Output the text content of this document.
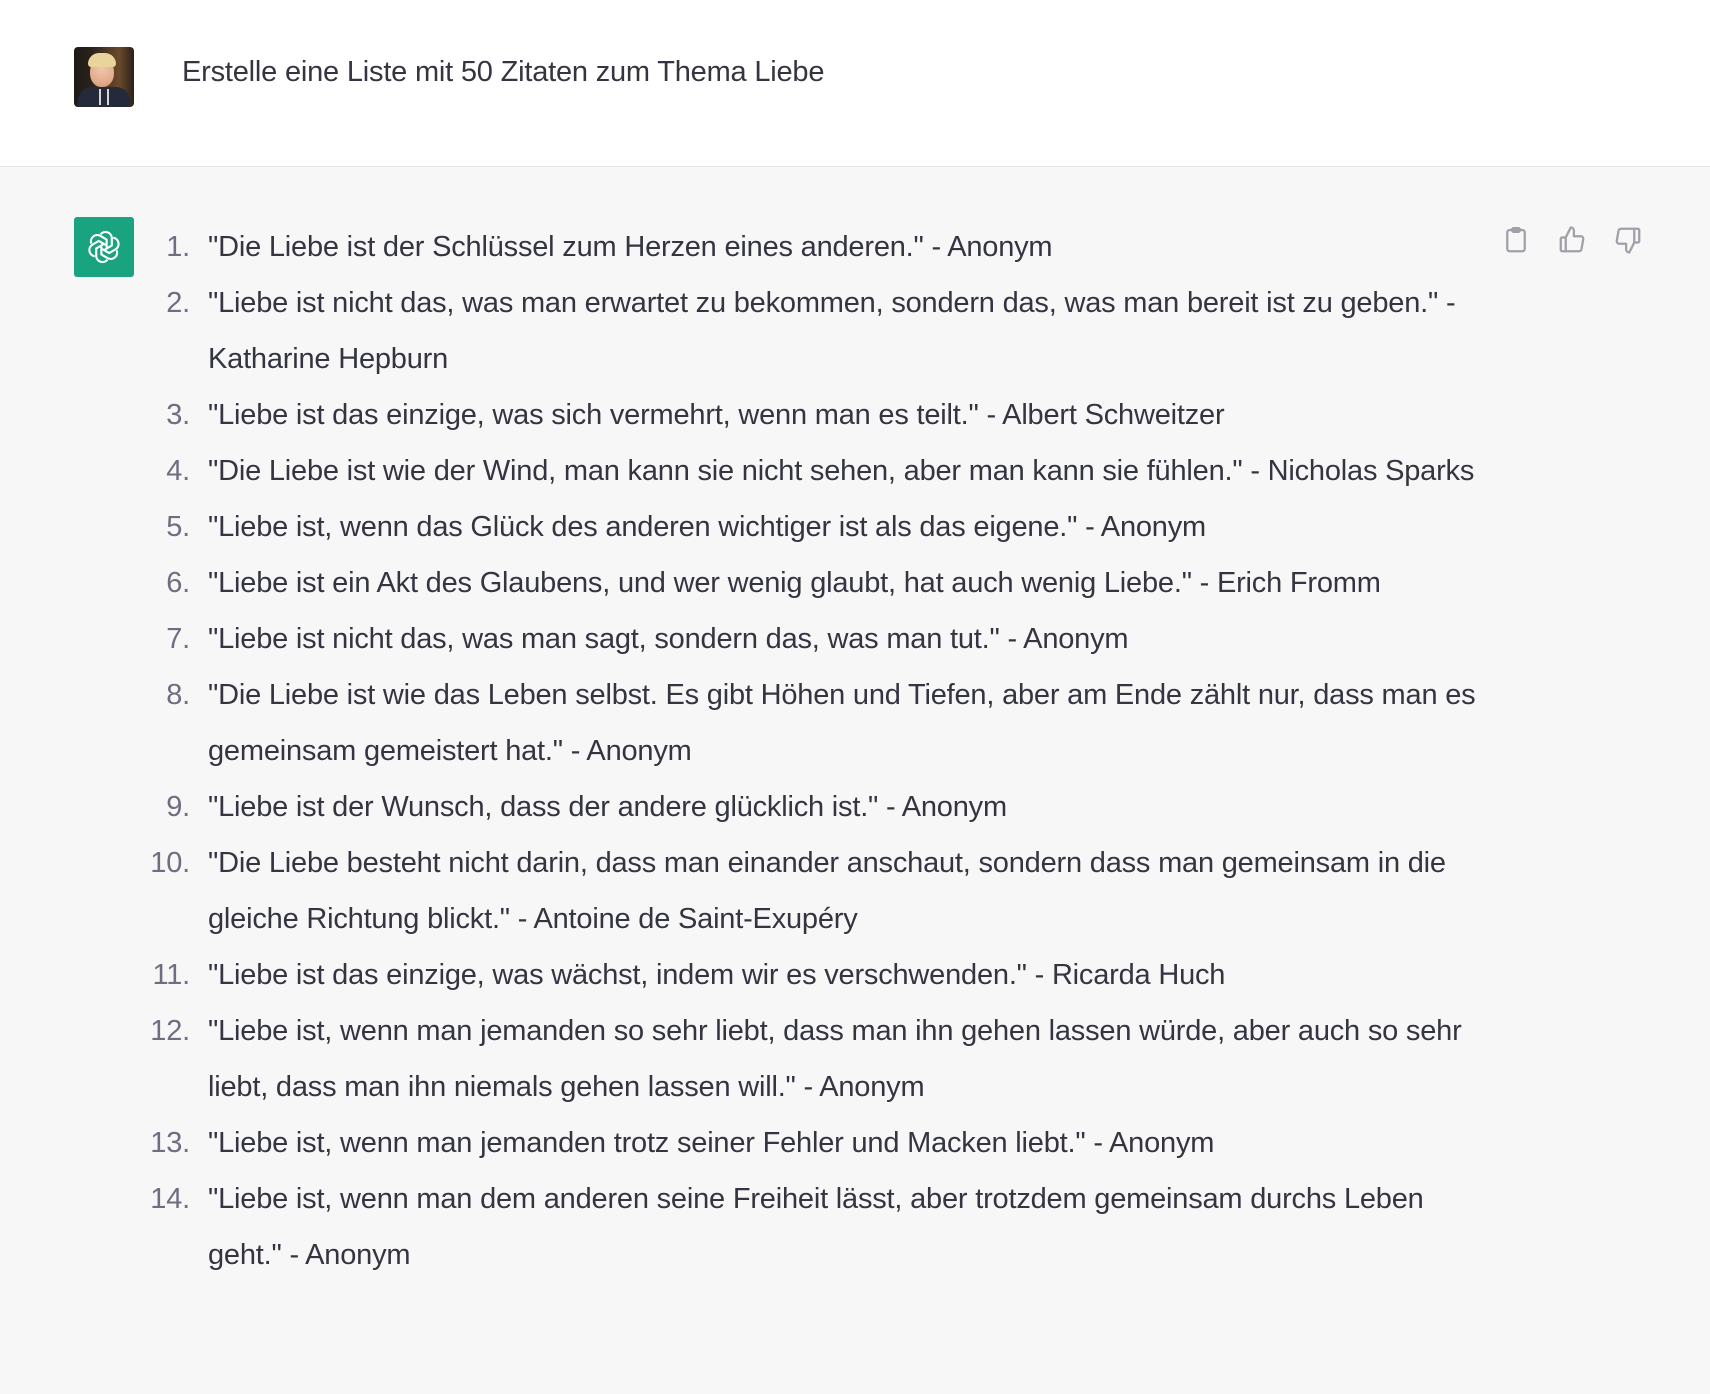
Erstelle eine Liste mit 50 Zitaten zum Thema Liebe
1. "Die Liebe ist der Schlüssel zum Herzen eines anderen." - Anonym
2. "Liebe ist nicht das, was man erwartet zu bekommen, sondern das, was man bereit ist zu geben." - Katharine Hepburn
3. "Liebe ist das einzige, was sich vermehrt, wenn man es teilt." - Albert Schweitzer
4. "Die Liebe ist wie der Wind, man kann sie nicht sehen, aber man kann sie fühlen." - Nicholas Sparks
5. "Liebe ist, wenn das Glück des anderen wichtiger ist als das eigene." - Anonym
6. "Liebe ist ein Akt des Glaubens, und wer wenig glaubt, hat auch wenig Liebe." - Erich Fromm
7. "Liebe ist nicht das, was man sagt, sondern das, was man tut." - Anonym
8. "Die Liebe ist wie das Leben selbst. Es gibt Höhen und Tiefen, aber am Ende zählt nur, dass man es gemeinsam gemeistert hat." - Anonym
9. "Liebe ist der Wunsch, dass der andere glücklich ist." - Anonym
10. "Die Liebe besteht nicht darin, dass man einander anschaut, sondern dass man gemeinsam in die gleiche Richtung blickt." - Antoine de Saint-Exupéry
11. "Liebe ist das einzige, was wächst, indem wir es verschwenden." - Ricarda Huch
12. "Liebe ist, wenn man jemanden so sehr liebt, dass man ihn gehen lassen würde, aber auch so sehr liebt, dass man ihn niemals gehen lassen will." - Anonym
13. "Liebe ist, wenn man jemanden trotz seiner Fehler und Macken liebt." - Anonym
14. "Liebe ist, wenn man dem anderen seine Freiheit lässt, aber trotzdem gemeinsam durchs Leben geht." - Anonym
